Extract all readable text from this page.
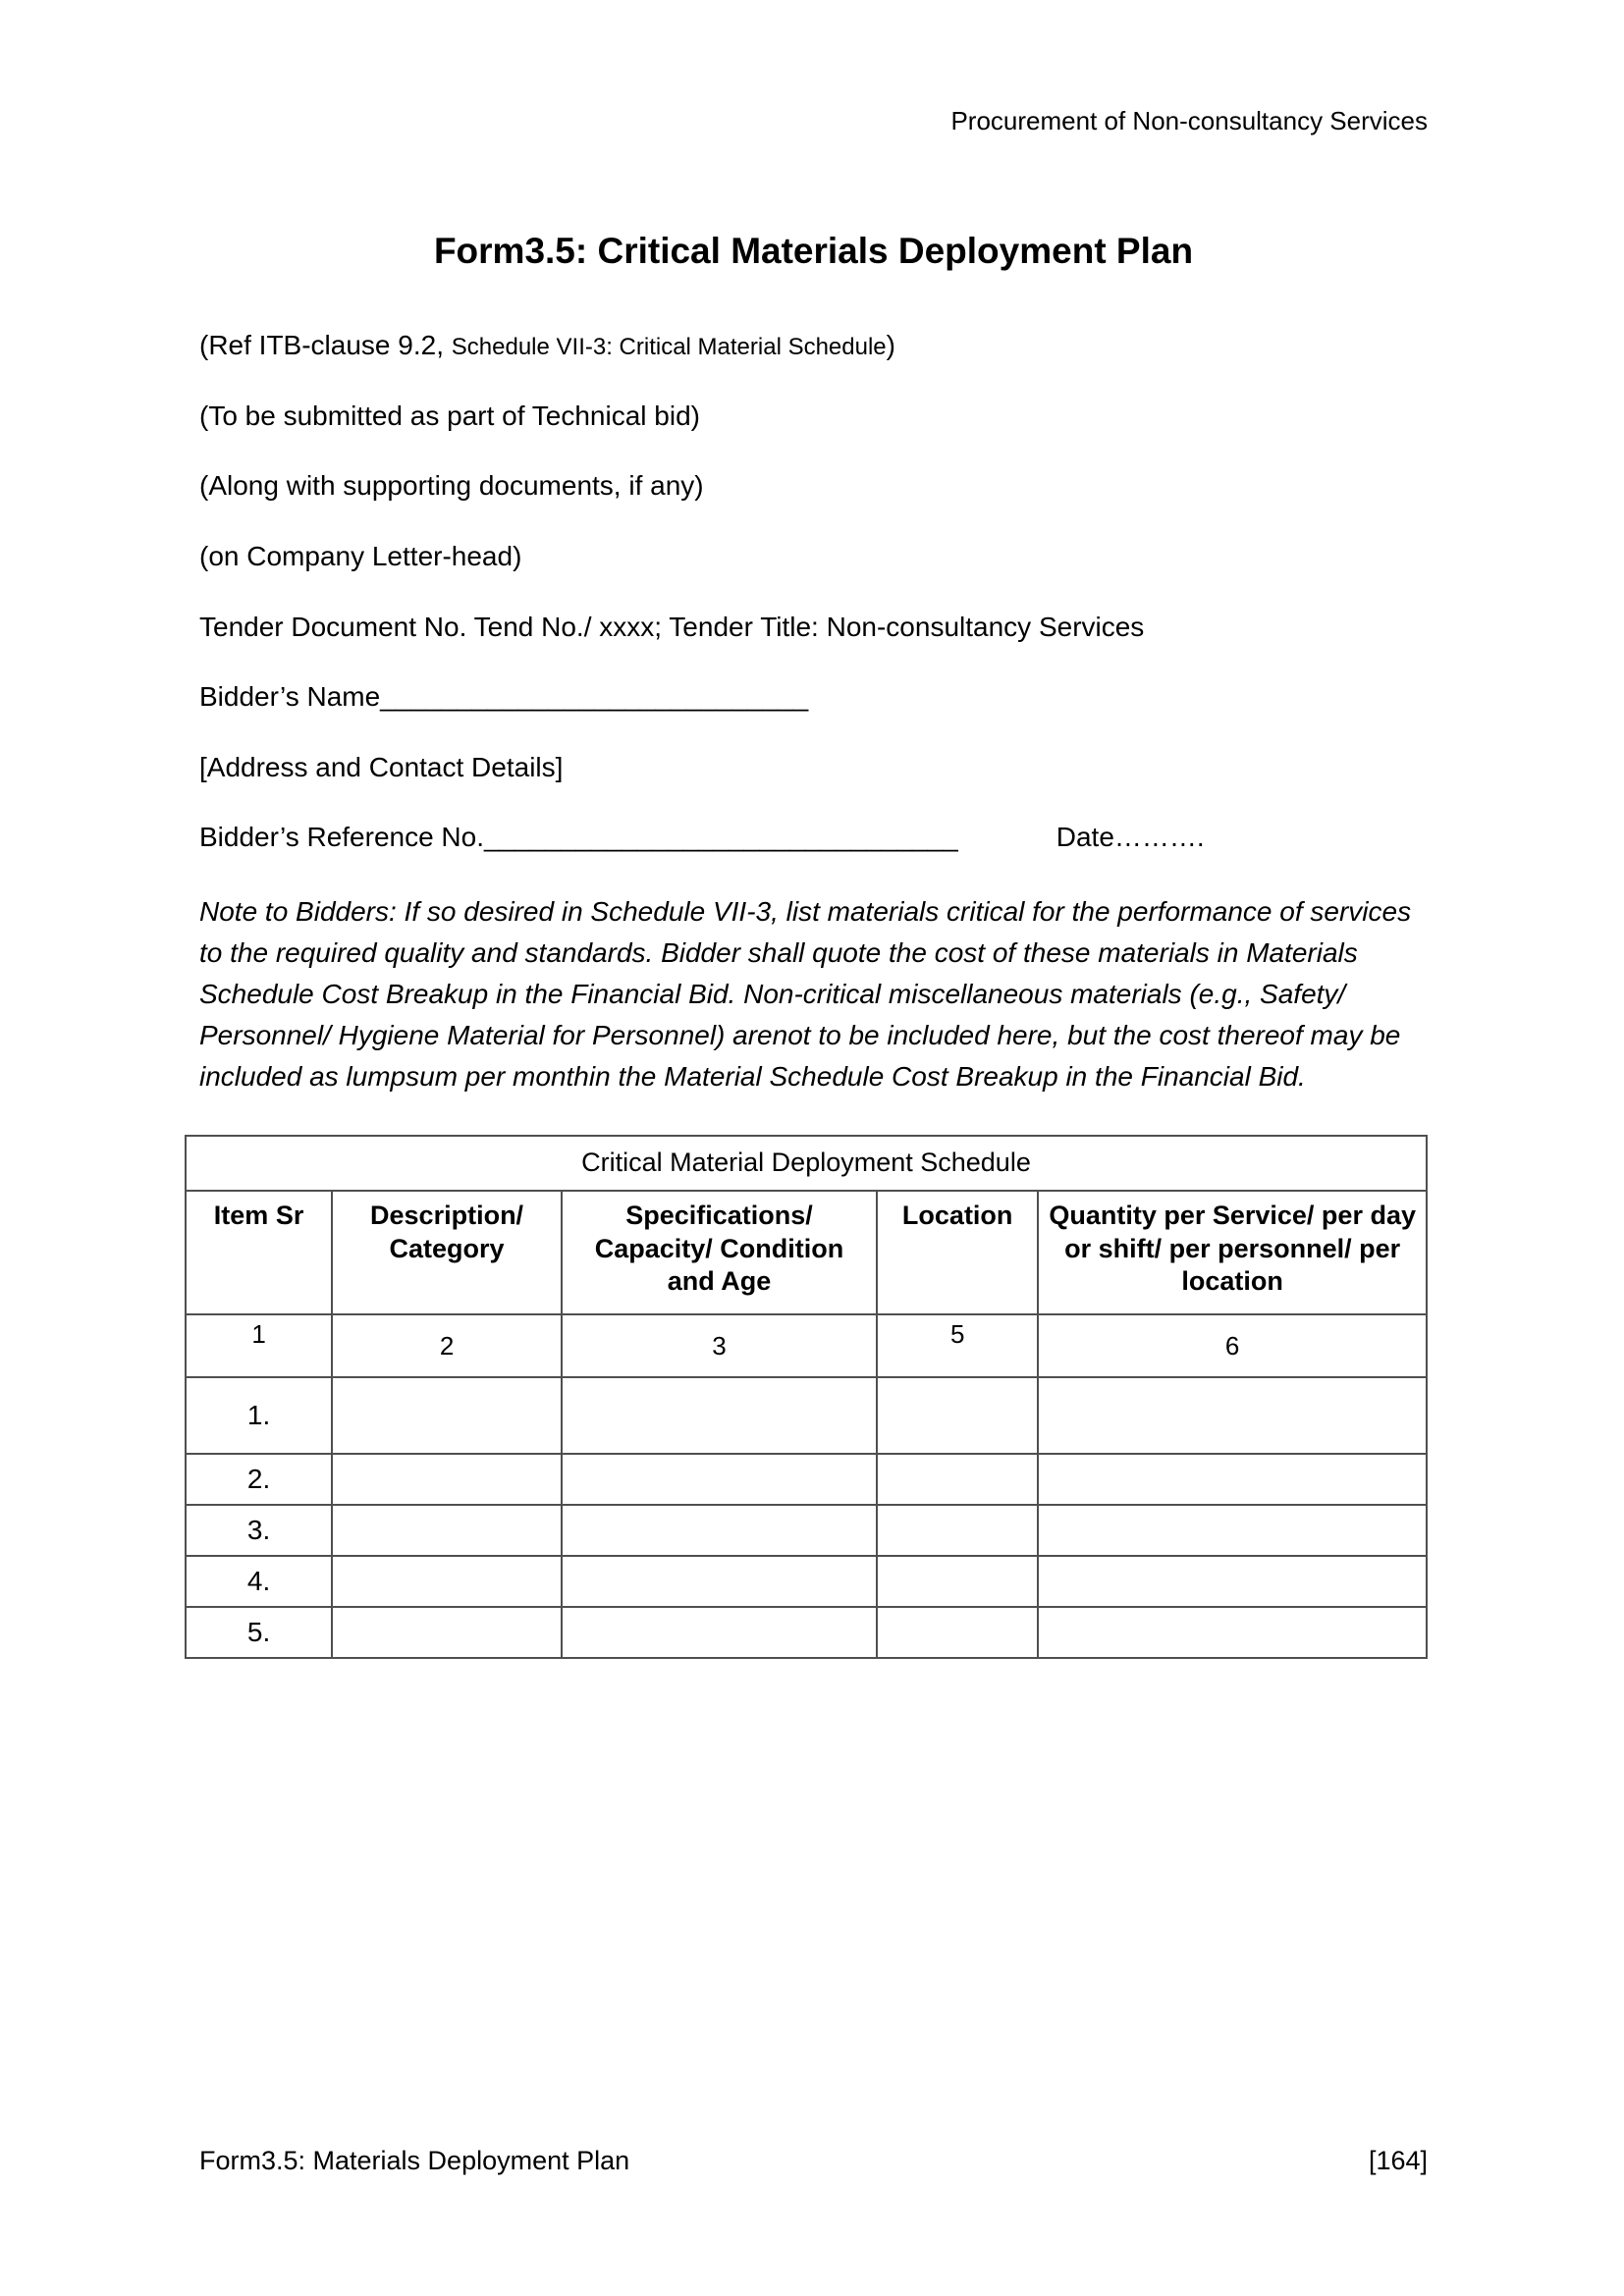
Procurement of Non-consultancy Services
Form3.5: Critical Materials Deployment Plan

(Ref ITB-clause 9.2, Schedule VII-3: Critical Material Schedule)

(To be submitted as part of Technical bid)

(Along with supporting documents, if any)

(on Company Letter-head)

Tender Document No. Tend No./ xxxx; Tender Title: Non-consultancy Services

Bidder’s Name____________________________

[Address and Contact Details]

Bidder’s Reference No._______________________________	Date……….

Note to Bidders: If so desired in Schedule VII-3, list materials critical for the performance of services to the required quality and standards. Bidder shall quote the cost of these materials in Materials Schedule Cost Breakup in the Financial Bid. Non-critical miscellaneous materials (e.g., Safety/ Personnel/ Hygiene Material for Personnel) arenot to be included here, but the cost thereof may be included as lumpsum per monthin the Material Schedule Cost Breakup in the Financial Bid.

Critical Material Deployment Schedule				
Item Sr	Description/ Category	Specifications/ Capacity/ Condition and Age	Location	Quantity per Service/ per day or shift/ per personnel/ per location
1	2	3	5	6
1.				
2.				
3.				
4.				
5.				
Form3.5: Materials Deployment Plan	[164]
